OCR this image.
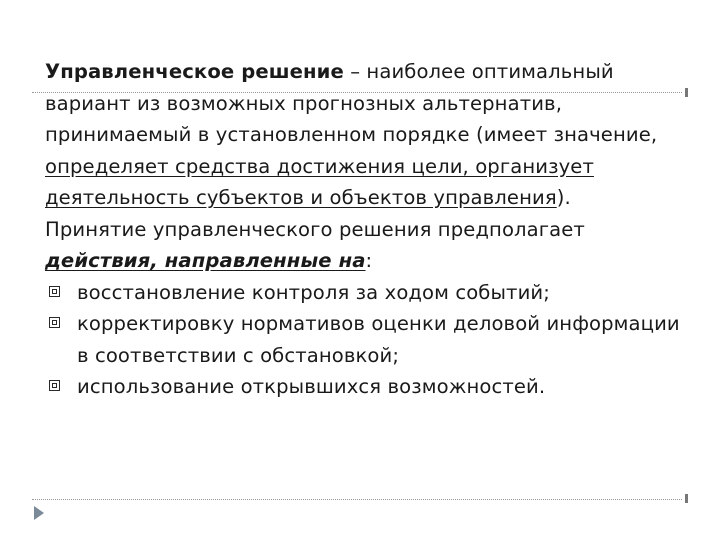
Управленческое решение – наиболее оптимальный вариант из возможных прогнозных альтернатив, принимаемый в установленном порядке (имеет значение, определяет средства достижения цели, организует деятельность субъектов и объектов управления).

Принятие управленческого решения предполагает действия, направленные на:

восстановление контроля за ходом событий;
корректировку нормативов оценки деловой информации в соответствии с обстановкой;
использование открывшихся возможностей.
